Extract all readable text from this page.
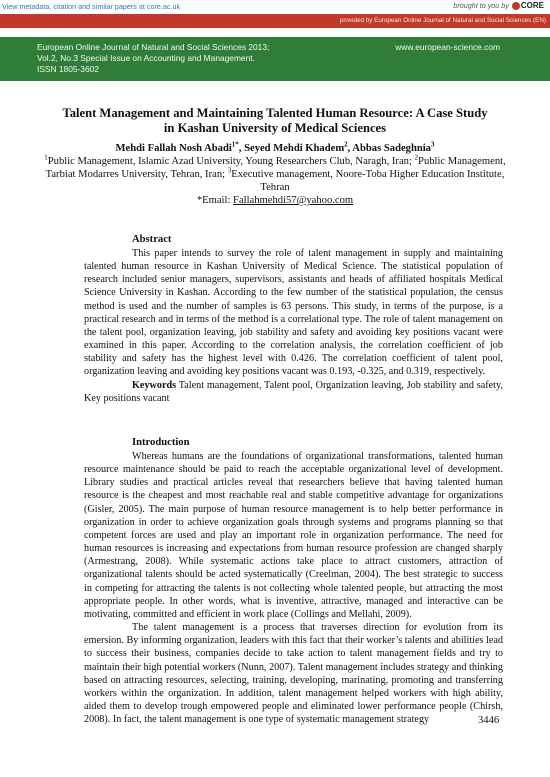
View metadata, citation and similar papers at core.ac.uk	brought to you by CORE
provided by European Online Journal of Natural and Social Sciences (EN)
European Online Journal of Natural and Social Sciences 2013;
Vol.2, No.3 Special Issue on Accounting and Management.
ISSN 1805-3602
www.european-science.com
Talent Management and Maintaining Talented Human Resource: A Case Study
in Kashan University of Medical Sciences
Mehdi Fallah Nosh Abadi$^{1*}$, Seyed Mehdi Khadem$^2$, Abbas Sadeghnia$^3$
$^1$Public Management, Islamic Azad University, Young Researchers Club, Naragh, Iran; $^2$Public Management, Tarbiat Modarres University, Tehran, Iran; $^3$Executive management, Noore-Toba Higher Education Institute, Tehran
*Email: Fallahmehdi57@yahoo.com
Abstract

This paper intends to survey the role of talent management in supply and maintaining talented human resource in Kashan University of Medical Science. The statistical population of research included senior managers, supervisors, assistants and heads of affiliated hospitals Medical Science University in Kashan. According to the few number of the statistical population, the census method is used and the number of samples is 63 persons. This study, in terms of the purpose, is a practical research and in terms of the method is a correlational type. The role of talent management on the talent pool, organization leaving, job stability and safety and avoiding key positions vacant were examined in this paper. According to the correlation analysis, the correlation coefficient of job stability and safety has the highest level with 0.426. The correlation coefficient of talent pool, organization leaving and avoiding key positions vacant was 0.193, -0.325, and 0.319, respectively.

Keywords Talent management, Talent pool, Organization leaving, Job stability and safety, Key positions vacant

Introduction

Whereas humans are the foundations of organizational transformations, talented human resource maintenance should be paid to reach the acceptable organizational level of development. Library studies and practical articles reveal that researchers believe that having talented human resource is the cheapest and most reachable real and stable competitive advantage for organizations (Gisler, 2005). The main purpose of human resource management is to help better performance in organization in order to achieve organization goals through systems and programs planning so that competent forces are used and play an important role in organization performance. The need for human resources is increasing and expectations from human resource profession are changed sharply (Armestrang, 2008). While systematic actions take place to attract customers, attraction of organizational talents should be acted systematically (Creelman, 2004). The best strategic to success in competing for attracting the talents is not collecting whole talented people, but attracting the most appropriate people. In other words, what is inventive, attractive, managed and interactive can be motivating, committed and efficient in work place (Collings and Mellahi, 2009).

The talent management is a process that traverses direction for evolution from its emersion. By informing organization, leaders with this fact that their worker’s talents and abilities lead to success their business, companies decide to take action to talent management fields and try to maintain their high potential workers (Nunn, 2007). Talent management includes strategy and thinking based on attracting resources, selecting, training, developing, marinating, promoting and transferring workers within the organization. In addition, talent management helped workers with high ability, aided them to develop trough empowered people and eliminated lower performance people (Chirsh, 2008). In fact, the talent management is one type of systematic management strategy	3446
